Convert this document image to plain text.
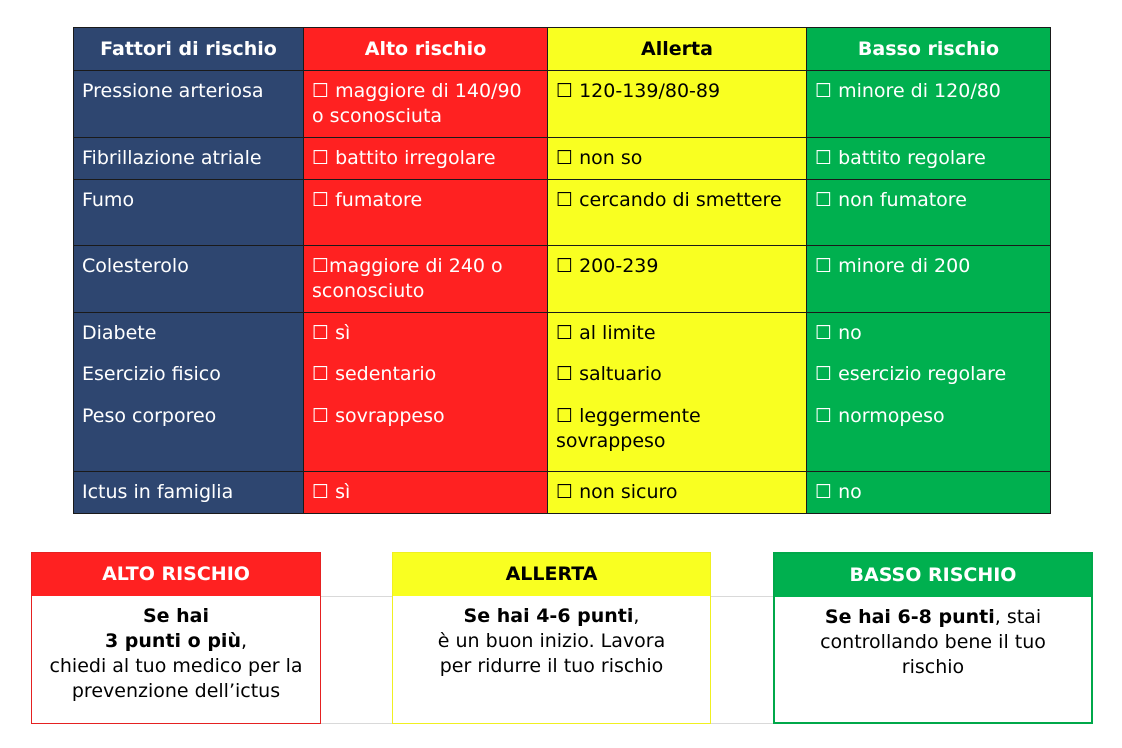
Fattori di rischio	Alto rischio	Allerta	Basso rischio
Pressione arteriosa	☐ maggiore di 140/90 o sconosciuta	☐ 120-139/80-89	☐ minore di 120/80
Fibrillazione atriale	☐ battito irregolare	☐ non so	☐ battito regolare
Fumo	☐ fumatore	☐ cercando di smettere	☐ non fumatore
Colesterolo	☐maggiore di 240 o sconosciuto	☐ 200-239	☐ minore di 200
Diabete	☐ sì	☐ al limite	☐ no
Esercizio fisico	☐ sedentario	☐ saltuario	☐ esercizio regolare
Peso corporeo	☐ sovrappeso	☐ leggermente sovrappeso	☐ normopeso
Ictus in famiglia	☐ sì	☐ non sicuro	☐ no
ALTO RISCHIO
Se hai
3 punti o più,
chiedi al tuo medico per la prevenzione dell’ictus
ALLERTA
Se hai 4-6 punti,
è un buon inizio. Lavora per ridurre il tuo rischio
BASSO RISCHIO
Se hai 6-8 punti, stai controllando bene il tuo rischio
